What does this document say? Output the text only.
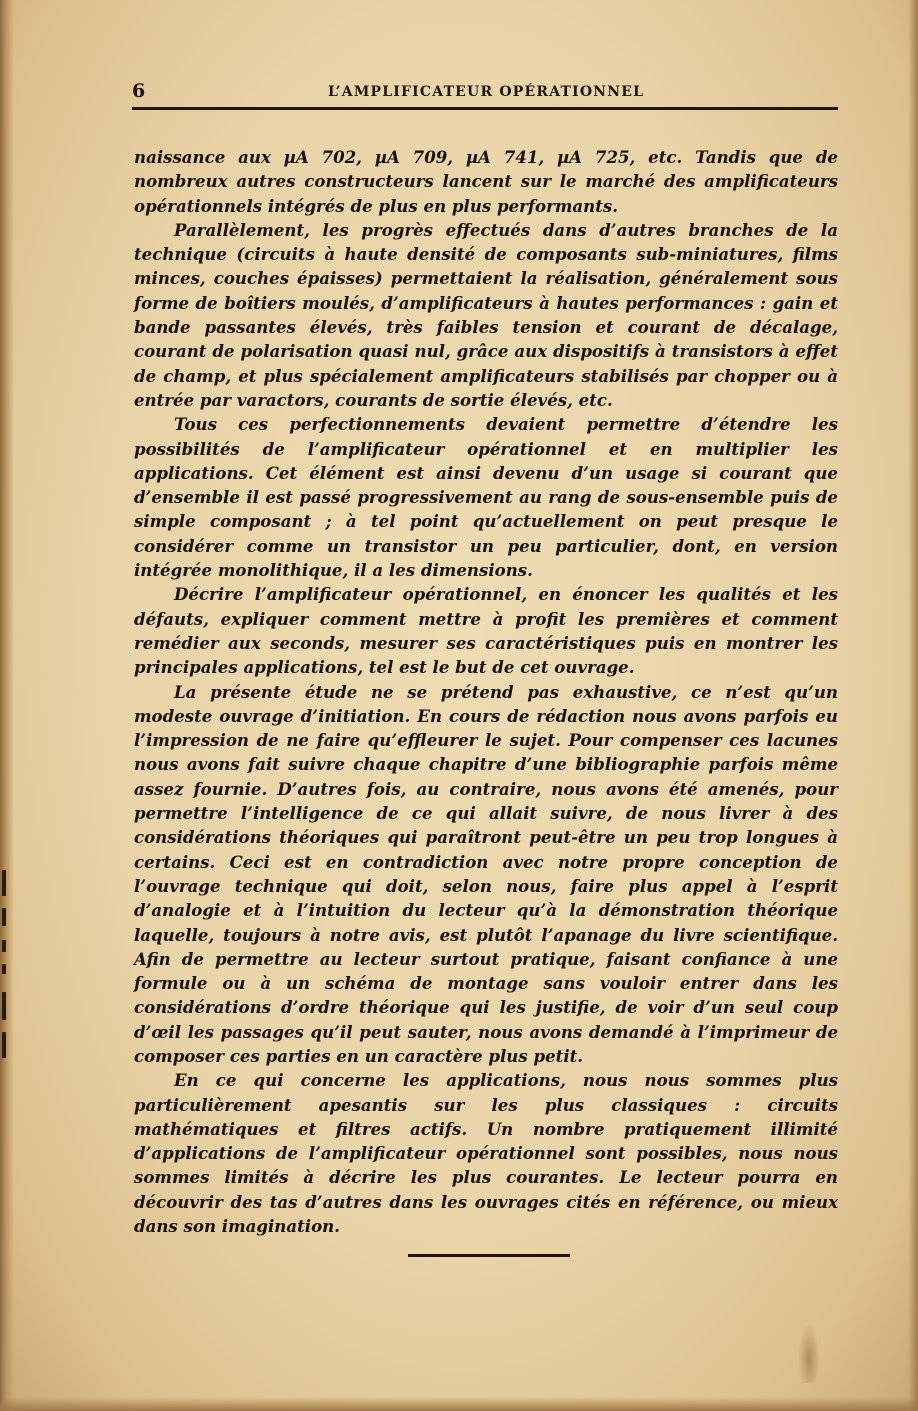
6	L’AMPLIFICATEUR OPÉRATIONNEL

naissance aux µA 702, µA 709, µA 741, µA 725, etc. Tandis que de nombreux autres constructeurs lancent sur le marché des amplificateurs opérationnels intégrés de plus en plus performants.

Parallèlement, les progrès effectués dans d’autres branches de la technique (circuits à haute densité de composants sub-miniatures, films minces, couches épaisses) permettaient la réalisation, généralement sous forme de boîtiers moulés, d’amplificateurs à hautes performances : gain et bande passantes élevés, très faibles tension et courant de décalage, courant de polarisation quasi nul, grâce aux dispositifs à transistors à effet de champ, et plus spécialement amplificateurs stabilisés par chopper ou à entrée par varactors, courants de sortie élevés, etc.

Tous ces perfectionnements devaient permettre d’étendre les possibilités de l’amplificateur opérationnel et en multiplier les applications. Cet élément est ainsi devenu d’un usage si courant que d’ensemble il est passé progressivement au rang de sous-ensemble puis de simple composant ; à tel point qu’actuellement on peut presque le considérer comme un transistor un peu particulier, dont, en version intégrée monolithique, il a les dimensions.

Décrire l’amplificateur opérationnel, en énoncer les qualités et les défauts, expliquer comment mettre à profit les premières et comment remédier aux seconds, mesurer ses caractéristiques puis en montrer les principales applications, tel est le but de cet ouvrage.

La présente étude ne se prétend pas exhaustive, ce n’est qu’un modeste ouvrage d’initiation. En cours de rédaction nous avons parfois eu l’impression de ne faire qu’effleurer le sujet. Pour compenser ces lacunes nous avons fait suivre chaque chapitre d’une bibliographie parfois même assez fournie. D’autres fois, au contraire, nous avons été amenés, pour permettre l’intelligence de ce qui allait suivre, de nous livrer à des considérations théoriques qui paraîtront peut-être un peu trop longues à certains. Ceci est en contradiction avec notre propre conception de l’ouvrage technique qui doit, selon nous, faire plus appel à l’esprit d’analogie et à l’intuition du lecteur qu’à la démonstration théorique laquelle, toujours à notre avis, est plutôt l’apanage du livre scientifique. Afin de permettre au lecteur surtout pratique, faisant confiance à une formule ou à un schéma de montage sans vouloir entrer dans les considérations d’ordre théorique qui les justifie, de voir d’un seul coup d’œil les passages qu’il peut sauter, nous avons demandé à l’imprimeur de composer ces parties en un caractère plus petit.

En ce qui concerne les applications, nous nous sommes plus particulièrement apesantis sur les plus classiques : circuits mathématiques et filtres actifs. Un nombre pratiquement illimité d’applications de l’amplificateur opérationnel sont possibles, nous nous sommes limités à décrire les plus courantes. Le lecteur pourra en découvrir des tas d’autres dans les ouvrages cités en référence, ou mieux dans son imagination.
